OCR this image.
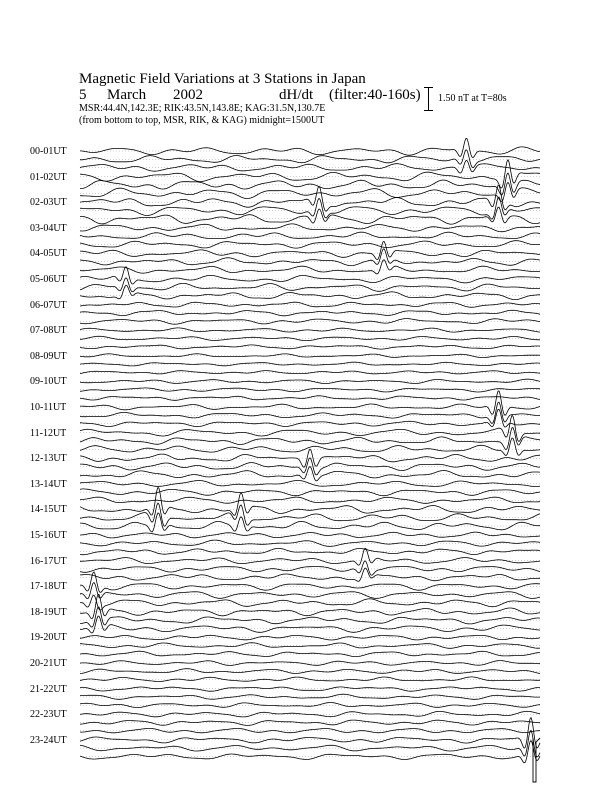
Magnetic Field Variations at 3 Stations in Japan
5 March 2002	dH/dt (filter:40-160s)
MSR:44.4N,142.3E; RIK:43.5N,143.8E; KAG:31.5N,130.7E
(from bottom to top, MSR, RIK, & KAG) midnight=1500UT
1.50 nT at T=80s
00-01UT
01-02UT
02-03UT
03-04UT
04-05UT
05-06UT
06-07UT
07-08UT
08-09UT
09-10UT
10-11UT
11-12UT
12-13UT
13-14UT
14-15UT
15-16UT
16-17UT
17-18UT
18-19UT
19-20UT
20-21UT
21-22UT
22-23UT
23-24UT
